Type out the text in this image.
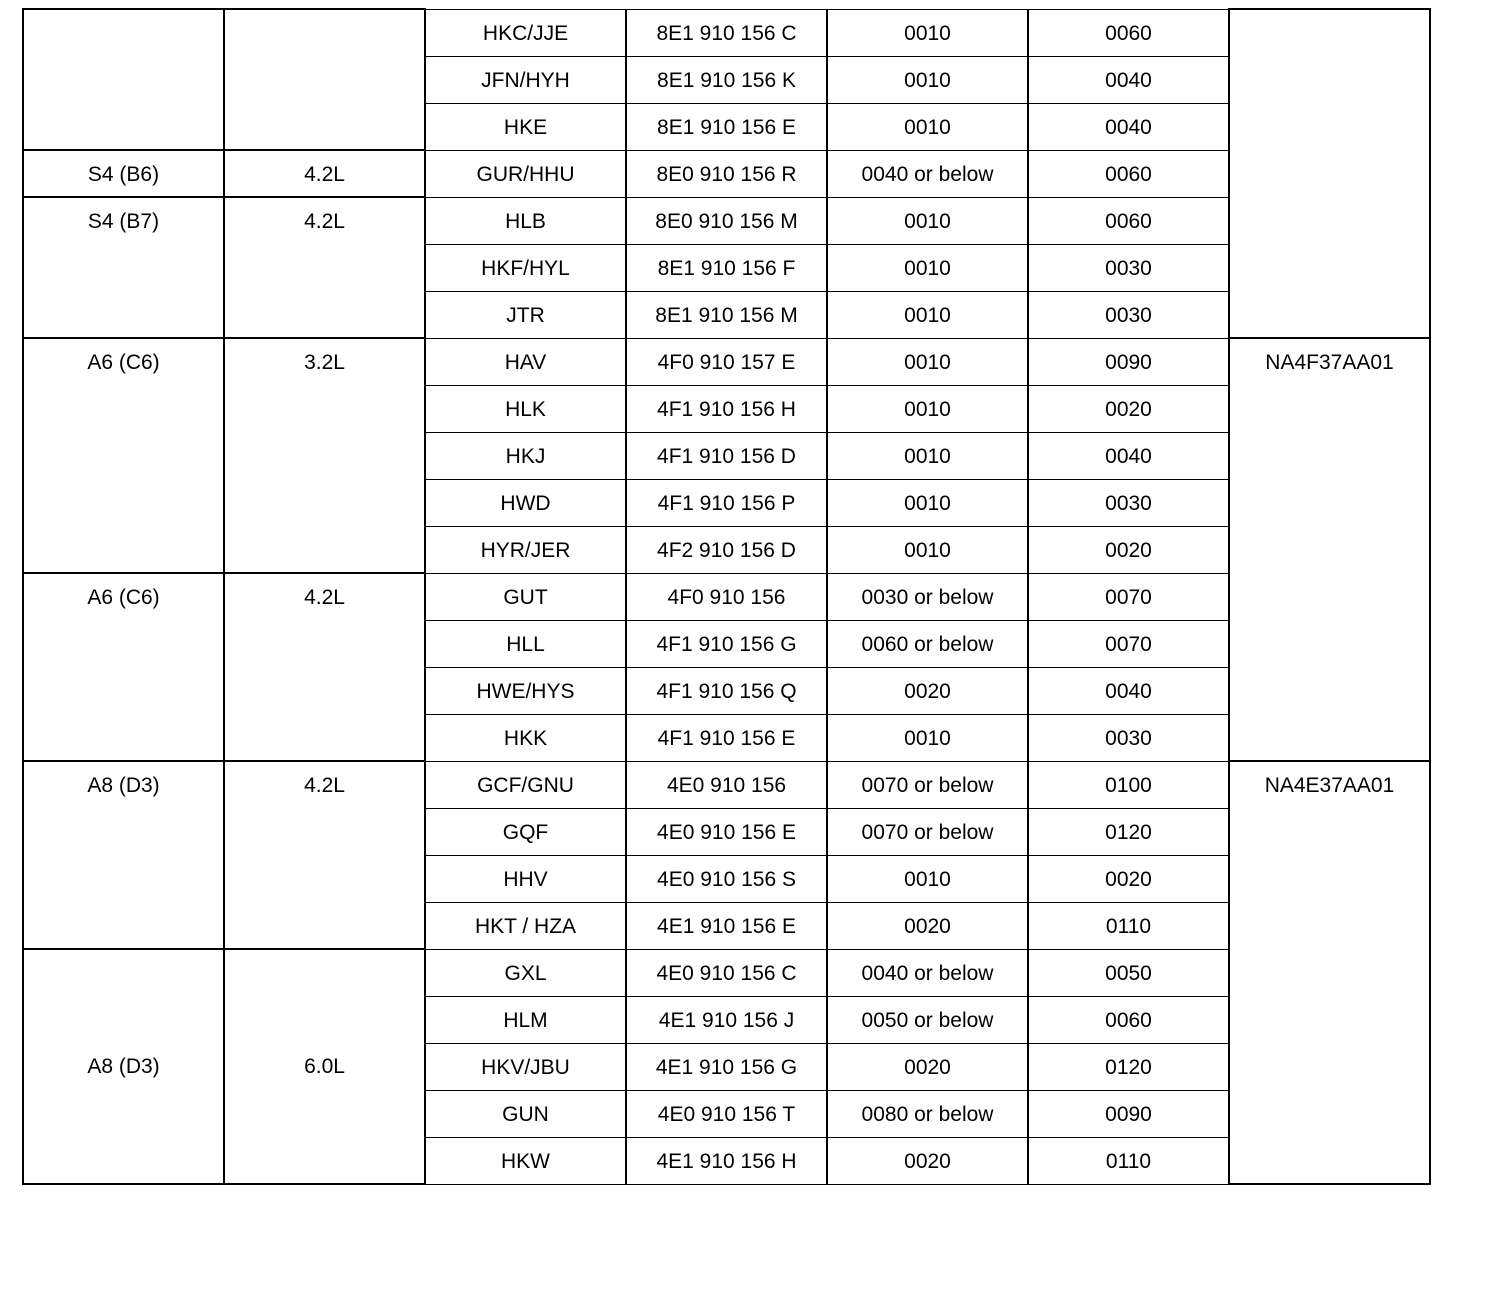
		HKC/JJE	8E1 910 156 C	0010	0060	
		JFN/HYH	8E1 910 156 K	0010	0040	
		HKE	8E1 910 156 E	0010	0040	
S4 (B6)	4.2L	GUR/HHU	8E0 910 156 R	0040 or below	0060	
S4 (B7)	4.2L	HLB	8E0 910 156 M	0010	0060	
		HKF/HYL	8E1 910 156 F	0010	0030	
		JTR	8E1 910 156 M	0010	0030	
A6 (C6)	3.2L	HAV	4F0 910 157 E	0010	0090	NA4F37AA01
		HLK	4F1 910 156 H	0010	0020	
		HKJ	4F1 910 156 D	0010	0040	
		HWD	4F1 910 156 P	0010	0030	
		HYR/JER	4F2 910 156 D	0010	0020	
A6 (C6)	4.2L	GUT	4F0 910 156	0030 or below	0070	
		HLL	4F1 910 156 G	0060 or below	0070	
		HWE/HYS	4F1 910 156 Q	0020	0040	
		HKK	4F1 910 156 E	0010	0030	
A8 (D3)	4.2L	GCF/GNU	4E0 910 156	0070 or below	0100	NA4E37AA01
		GQF	4E0 910 156 E	0070 or below	0120	
		HHV	4E0 910 156 S	0010	0020	
		HKT / HZA	4E1 910 156 E	0020	0110	
A8 (D3)	6.0L	GXL	4E0 910 156 C	0040 or below	0050	
		HLM	4E1 910 156 J	0050 or below	0060	
		HKV/JBU	4E1 910 156 G	0020	0120	
		GUN	4E0 910 156 T	0080 or below	0090	
		HKW	4E1 910 156 H	0020	0110	
